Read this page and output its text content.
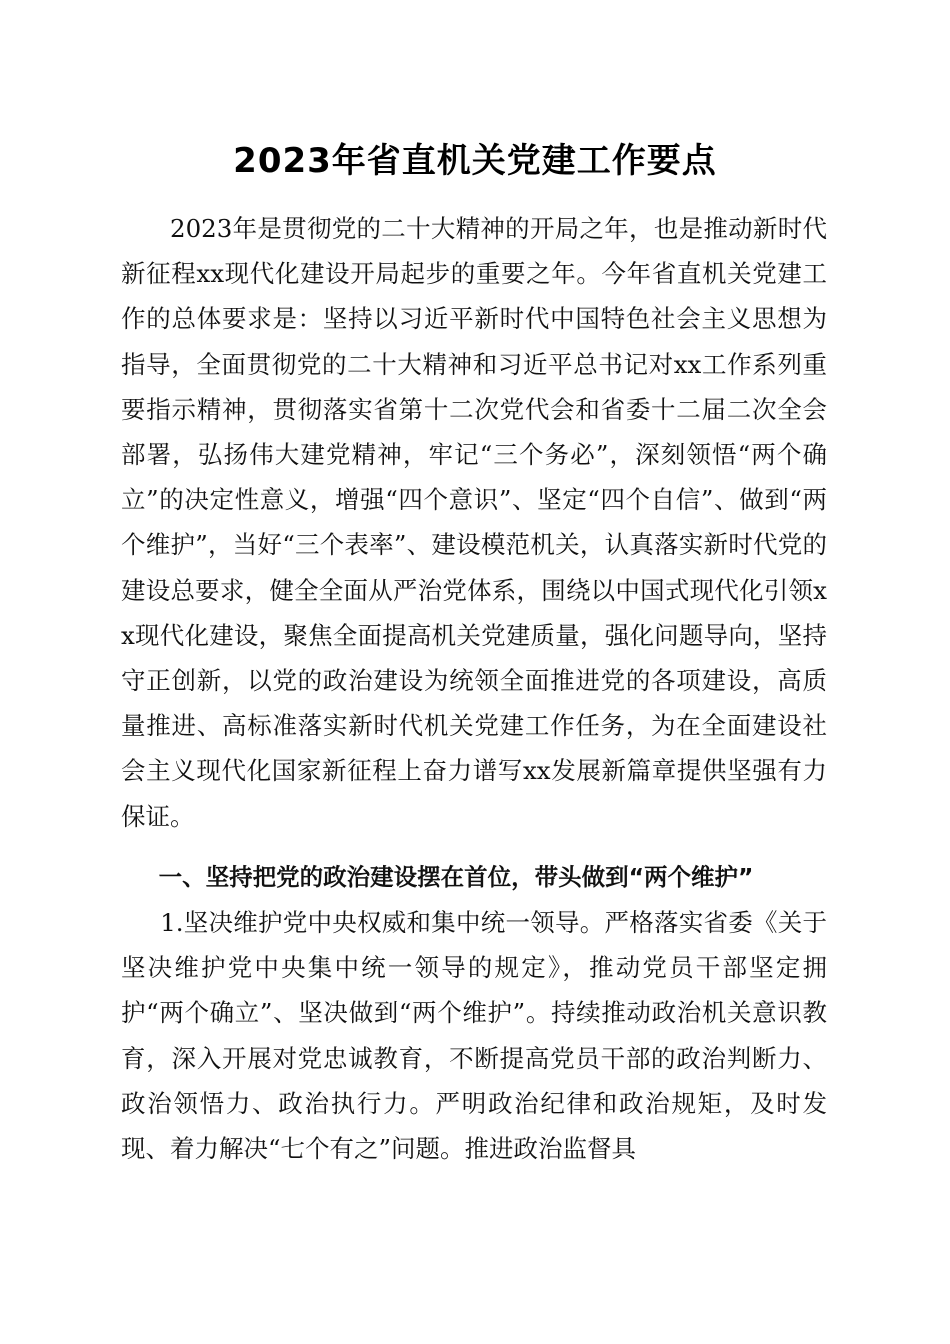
2023年省直机关党建工作要点

2023年是贯彻党的二十大精神的开局之年，也是推动新时代新征程xx现代化建设开局起步的重要之年。今年省直机关党建工作的总体要求是：坚持以习近平新时代中国特色社会主义思想为指导，全面贯彻党的二十大精神和习近平总书记对xx工作系列重要指示精神，贯彻落实省第十二次党代会和省委十二届二次全会部署，弘扬伟大建党精神，牢记“三个务必”，深刻领悟“两个确立”的决定性意义，增强“四个意识”、坚定“四个自信”、做到“两个维护”，当好“三个表率”、建设模范机关，认真落实新时代党的建设总要求，健全全面从严治党体系，围绕以中国式现代化引领xx现代化建设，聚焦全面提高机关党建质量，强化问题导向，坚持守正创新，以党的政治建设为统领全面推进党的各项建设，高质量推进、高标准落实新时代机关党建工作任务，为在全面建设社会主义现代化国家新征程上奋力谱写xx发展新篇章提供坚强有力保证。

一、坚持把党的政治建设摆在首位，带头做到“两个维护”

1.坚决维护党中央权威和集中统一领导。严格落实省委《关于坚决维护党中央集中统一领导的规定》，推动党员干部坚定拥护“两个确立”、坚决做到“两个维护”。持续推动政治机关意识教育，深入开展对党忠诚教育，不断提高党员干部的政治判断力、政治领悟力、政治执行力。严明政治纪律和政治规矩，及时发现、着力解决“七个有之”问题。推进政治监督具
